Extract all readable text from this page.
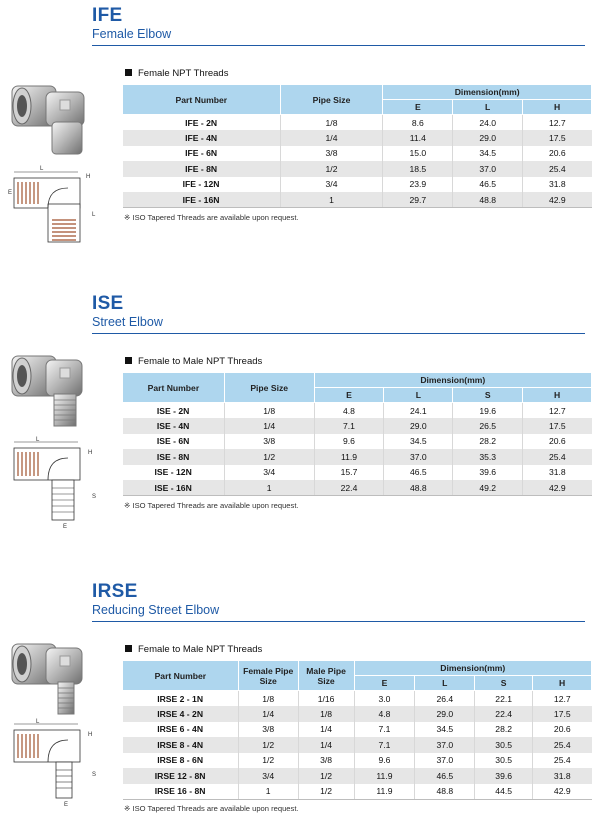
IFE
Female Elbow
L
H
E
L
Female NPT Threads
Part Number	Pipe Size	Dimension(mm)		
		E	L	H
IFE - 2N	1/8	8.6	24.0	12.7
IFE - 4N	1/4	11.4	29.0	17.5
IFE - 6N	3/8	15.0	34.5	20.6
IFE - 8N	1/2	18.5	37.0	25.4
IFE - 12N	3/4	23.9	46.5	31.8
IFE - 16N	1	29.7	48.8	42.9
※ ISO Tapered Threads are available upon request.
ISE
Street Elbow
L
H
S
E
Female to Male NPT Threads
Part Number	Pipe Size	Dimension(mm)			
		E	L	S	H
ISE - 2N	1/8	4.8	24.1	19.6	12.7
ISE - 4N	1/4	7.1	29.0	26.5	17.5
ISE - 6N	3/8	9.6	34.5	28.2	20.6
ISE - 8N	1/2	11.9	37.0	35.3	25.4
ISE - 12N	3/4	15.7	46.5	39.6	31.8
ISE - 16N	1	22.4	48.8	49.2	42.9
※ ISO Tapered Threads are available upon request.
IRSE
Reducing Street Elbow
L
H
S
E
Female to Male NPT Threads
Part Number	Female Pipe Size	Male Pipe Size	Dimension(mm)			
			E	L	S	H
IRSE 2 - 1N	1/8	1/16	3.0	26.4	22.1	12.7
IRSE 4 - 2N	1/4	1/8	4.8	29.0	22.4	17.5
IRSE 6 - 4N	3/8	1/4	7.1	34.5	28.2	20.6
IRSE 8 - 4N	1/2	1/4	7.1	37.0	30.5	25.4
IRSE 8 - 6N	1/2	3/8	9.6	37.0	30.5	25.4
IRSE 12 - 8N	3/4	1/2	11.9	46.5	39.6	31.8
IRSE 16 - 8N	1	1/2	11.9	48.8	44.5	42.9
※ ISO Tapered Threads are available upon request.
